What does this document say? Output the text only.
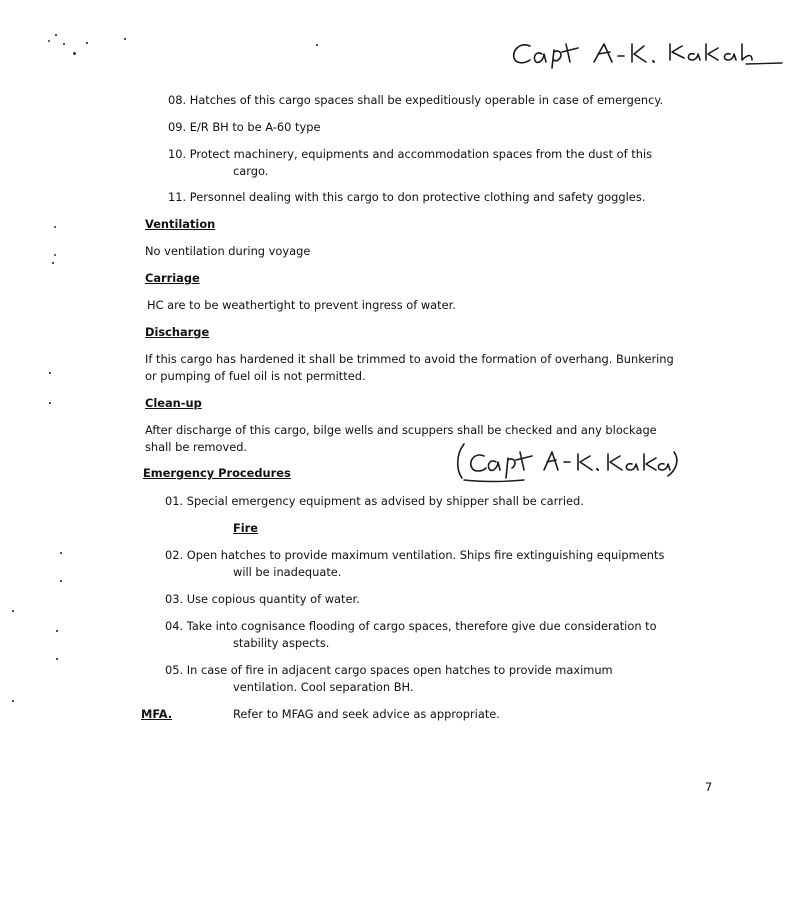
08. Hatches of this cargo spaces shall be expeditiously operable in case of emergency.
09. E/R BH to be A-60 type
10. Protect machinery, equipments and accommodation spaces from the dust of this
cargo.
11. Personnel dealing with this cargo to don protective clothing and safety goggles.
Ventilation
No ventilation during voyage
Carriage
HC are to be weathertight to prevent ingress of water.
Discharge
If this cargo has hardened it shall be trimmed to avoid the formation of overhang. Bunkering
or pumping of fuel oil is not permitted.
Clean-up
After discharge of this cargo, bilge wells and scuppers shall be checked and any blockage
shall be removed.
Emergency Procedures
01. Special emergency equipment as advised by shipper shall be carried.
Fire
02. Open hatches to provide maximum ventilation. Ships fire extinguishing equipments
will be inadequate.
03. Use copious quantity of water.
04. Take into cognisance flooding of cargo spaces, therefore give due consideration to
stability aspects.
05. In case of fire in adjacent cargo spaces open hatches to provide maximum
ventilation. Cool separation BH.
MFA.	Refer to MFAG and seek advice as appropriate.
7
